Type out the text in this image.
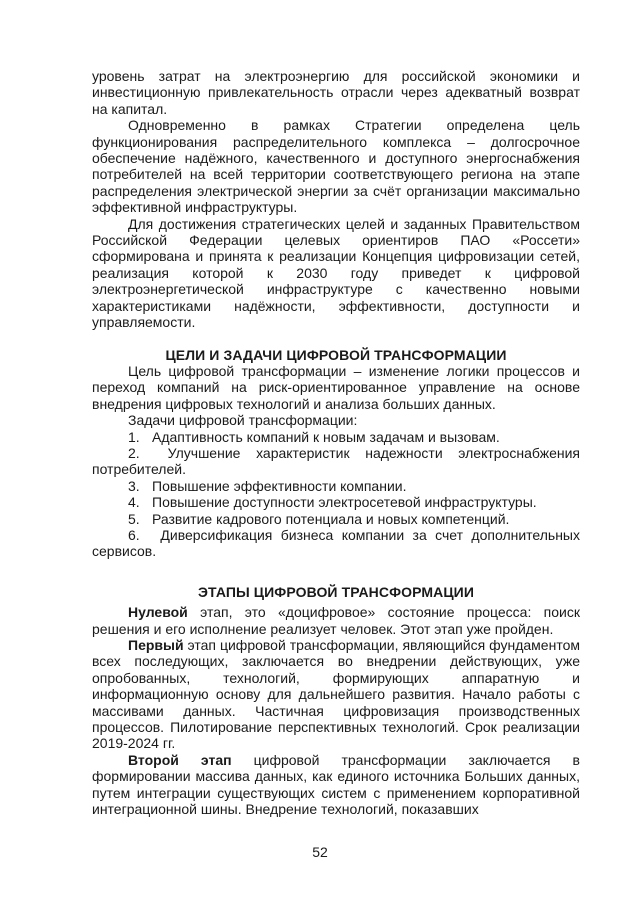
уровень затрат на электроэнергию для российской экономики и инвестиционную привлекательность отрасли через адекватный возврат на капитал.

Одновременно в рамках Стратегии определена цель функционирования распределительного комплекса – долгосрочное обеспечение надёжного, качественного и доступного энергоснабжения потребителей на всей территории соответствующего региона на этапе распределения электрической энергии за счёт организации максимально эффективной инфраструктуры.

Для достижения стратегических целей и заданных Правительством Российской Федерации целевых ориентиров ПАО «Россети» сформирована и принята к реализации Концепция цифровизации сетей, реализация которой к 2030 году приведет к цифровой электроэнергетической инфраструктуре с качественно новыми характеристиками надёжности, эффективности, доступности и управляемости.

ЦЕЛИ И ЗАДАЧИ ЦИФРОВОЙ ТРАНСФОРМАЦИИ

Цель цифровой трансформации – изменение логики процессов и переход компаний на риск-ориентированное управление на основе внедрения цифровых технологий и анализа больших данных.

Задачи цифровой трансформации:

1. Адаптивность компаний к новым задачам и вызовам.
2. Улучшение характеристик надежности электроснабжения потребителей.
3. Повышение эффективности компании.
4. Повышение доступности электросетевой инфраструктуры.
5. Развитие кадрового потенциала и новых компетенций.
6. Диверсификация бизнеса компании за счет дополнительных сервисов.
ЭТАПЫ ЦИФРОВОЙ ТРАНСФОРМАЦИИ

Нулевой этап, это «доцифровое» состояние процесса: поиск решения и его исполнение реализует человек. Этот этап уже пройден.

Первый этап цифровой трансформации, являющийся фундаментом всех последующих, заключается во внедрении действующих, уже опробованных, технологий, формирующих аппаратную и информационную основу для дальнейшего развития. Начало работы с массивами данных. Частичная цифровизация производственных процессов. Пилотирование перспективных технологий. Срок реализации 2019-2024 гг.

Второй этап цифровой трансформации заключается в формировании массива данных, как единого источника Больших данных, путем интеграции существующих систем с применением корпоративной интеграционной шины. Внедрение технологий, показавших

52
